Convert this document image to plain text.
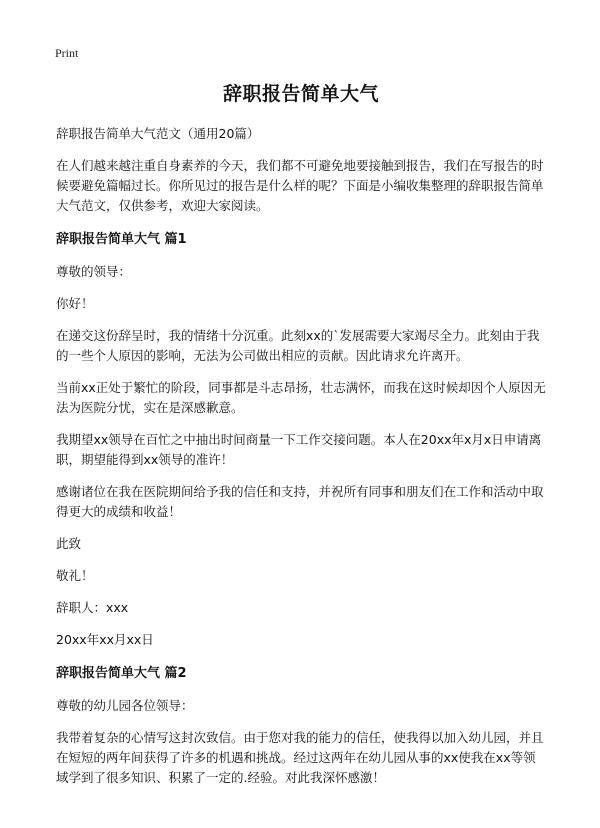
Print
辞职报告简单大气

辞职报告简单大气范文（通用20篇）

在人们越来越注重自身素养的今天，我们都不可避免地要接触到报告，我们在写报告的时候要避免篇幅过长。你所见过的报告是什么样的呢？下面是小编收集整理的辞职报告简单大气范文，仅供参考，欢迎大家阅读。

辞职报告简单大气 篇1

尊敬的领导：

你好！

在递交这份辞呈时，我的情绪十分沉重。此刻xx的`发展需要大家竭尽全力。此刻由于我的一些个人原因的影响，无法为公司做出相应的贡献。因此请求允许离开。

当前xx正处于繁忙的阶段，同事都是斗志昂扬，壮志满怀，而我在这时候却因个人原因无法为医院分忧，实在是深感歉意。

我期望xx领导在百忙之中抽出时间商量一下工作交接问题。本人在20xx年x月x日申请离职，期望能得到xx领导的准许！

感谢诸位在我在医院期间给予我的信任和支持，并祝所有同事和朋友们在工作和活动中取得更大的成绩和收益！

此致

敬礼！

辞职人：xxx

20xx年xx月xx日

辞职报告简单大气 篇2

尊敬的幼儿园各位领导：

我带着复杂的心情写这封次致信。由于您对我的能力的信任，使我得以加入幼儿园，并且在短短的两年间获得了许多的机遇和挑战。经过这两年在幼儿园从事的xx使我在xx等领域学到了很多知识、积累了一定的.经验。对此我深怀感激！
